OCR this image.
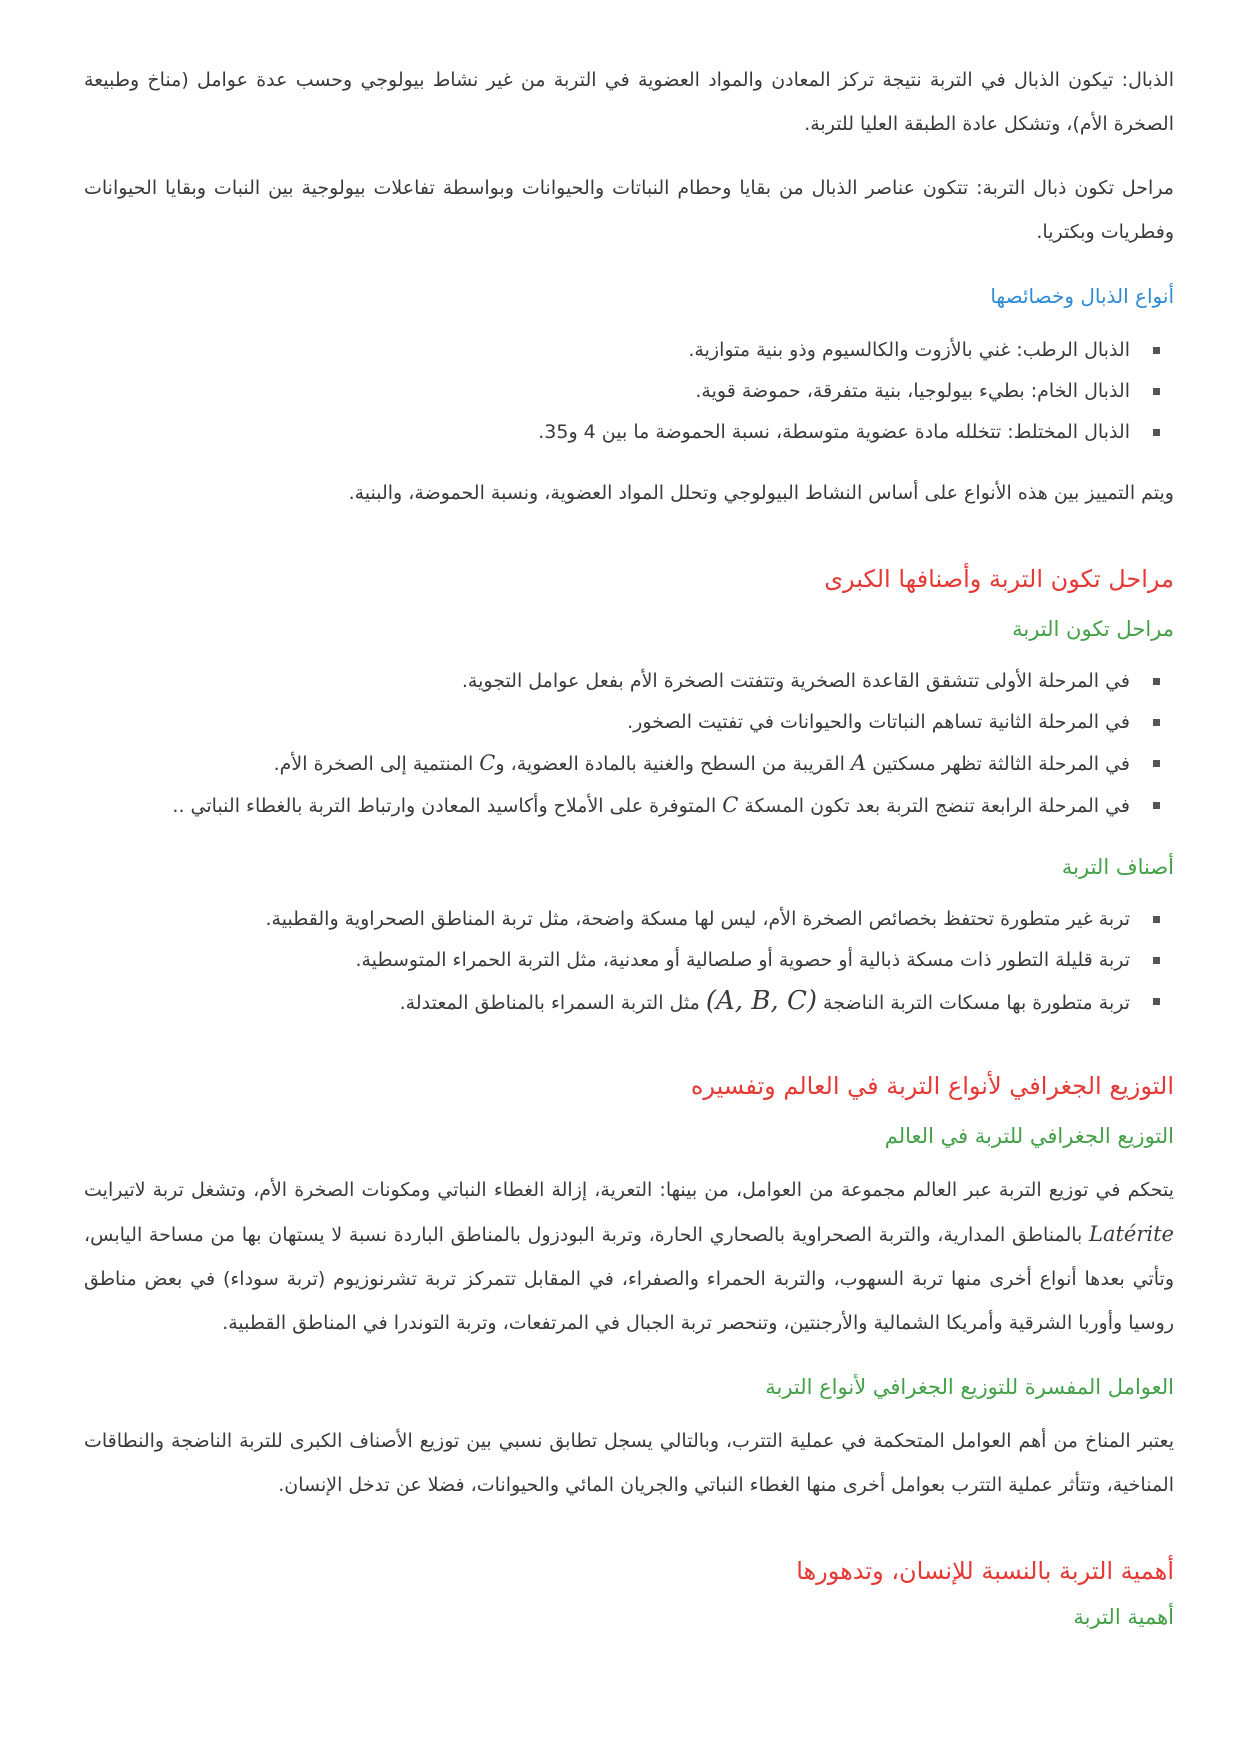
الذبال: تيكون الذبال في التربة نتيجة تركز المعادن والمواد العضوية في التربة من غير نشاط بيولوجي وحسب عدة عوامل (مناخ وطبيعة الصخرة الأم)، وتشكل عادة الطبقة العليا للتربة.

مراحل تكون ذبال التربة: تتكون عناصر الذبال من بقايا وحطام النباتات والحيوانات وبواسطة تفاعلات بيولوجية بين النبات وبقايا الحيوانات وفطريات وبكتريا.

أنواع الذبال وخصائصها
الذبال الرطب: غني بالأزوت والكالسيوم وذو بنية متوازية.
الذبال الخام: بطيء بيولوجيا، بنية متفرقة، حموضة قوية.
الذبال المختلط: تتخلله مادة عضوية متوسطة، نسبة الحموضة ما بين 4 و35.

ويتم التمييز بين هذه الأنواع على أساس النشاط البيولوجي وتحلل المواد العضوية، ونسبة الحموضة، والبنية.

مراحل تكون التربة وأصنافها الكبرى
مراحل تكون التربة
في المرحلة الأولى تتشقق القاعدة الصخرية وتتفتت الصخرة الأم بفعل عوامل التجوية.
في المرحلة الثانية تساهم النباتات والحيوانات في تفتيت الصخور.
في المرحلة الثالثة تظهر مسكتين A القريبة من السطح والغنية بالمادة العضوية، وC المنتمية إلى الصخرة الأم.
في المرحلة الرابعة تنضج التربة بعد تكون المسكة C المتوفرة على الأملاح وأكاسيد المعادن وارتباط التربة بالغطاء النباتي ..
أصناف التربة
تربة غير متطورة تحتفظ بخصائص الصخرة الأم، ليس لها مسكة واضحة، مثل تربة المناطق الصحراوية والقطبية.
تربة قليلة التطور ذات مسكة ذبالية أو حصوية أو صلصالية أو معدنية، مثل التربة الحمراء المتوسطية.
تربة متطورة بها مسكات التربة الناضجة (A, B, C) مثل التربة السمراء بالمناطق المعتدلة.
التوزيع الجغرافي لأنواع التربة في العالم وتفسيره
التوزيع الجغرافي للتربة في العالم

يتحكم في توزيع التربة عبر العالم مجموعة من العوامل، من بينها: التعرية، إزالة الغطاء النباتي ومكونات الصخرة الأم، وتشغل تربة لاتيرايت Latérite بالمناطق المدارية، والتربة الصحراوية بالصحاري الحارة، وتربة البودزول بالمناطق الباردة نسبة لا يستهان بها من مساحة اليابس، وتأتي بعدها أنواع أخرى منها تربة السهوب، والتربة الحمراء والصفراء، في المقابل تتمركز تربة تشرنوزيوم (تربة سوداء) في بعض مناطق روسيا وأوربا الشرقية وأمريكا الشمالية والأرجنتين، وتنحصر تربة الجبال في المرتفعات، وتربة التوندرا في المناطق القطبية.

العوامل المفسرة للتوزيع الجغرافي لأنواع التربة

يعتبر المناخ من أهم العوامل المتحكمة في عملية التترب، وبالتالي يسجل تطابق نسبي بين توزيع الأصناف الكبرى للتربة الناضجة والنطاقات المناخية، وتتأثر عملية التترب بعوامل أخرى منها الغطاء النباتي والجريان المائي والحيوانات، فضلا عن تدخل الإنسان.

أهمية التربة بالنسبة للإنسان، وتدهورها
أهمية التربة
